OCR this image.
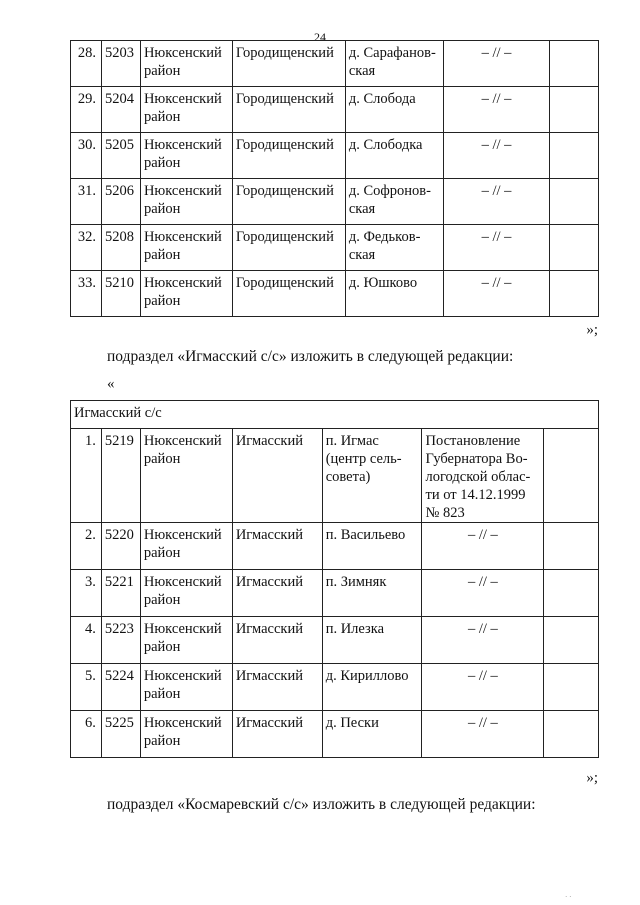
24
28.	5203	Нюксенский район	Городищенский	д. Сарафанов-ская	– // –	
29.	5204	Нюксенский район	Городищенский	д. Слобода	– // –	
30.	5205	Нюксенский район	Городищенский	д. Слободка	– // –	
31.	5206	Нюксенский район	Городищенский	д. Софронов-ская	– // –	
32.	5208	Нюксенский район	Городищенский	д. Федьков-ская	– // –	
33.	5210	Нюксенский район	Городищенский	д. Юшково	– // –	
»;
подраздел «Игмасский с/с» изложить в следующей редакции:
«
Игмасский с/с						
1.	5219	Нюксенский район	Игмасский	п. Игмас (центр сель-совета)	Постановление Губернатора Во-логодской облас-ти от 14.12.1999 № 823	
2.	5220	Нюксенский район	Игмасский	п. Васильево	– // –	
3.	5221	Нюксенский район	Игмасский	п. Зимняк	– // –	
4.	5223	Нюксенский район	Игмасский	п. Илезка	– // –	
5.	5224	Нюксенский район	Игмасский	д. Кириллово	– // –	
6.	5225	Нюксенский район	Игмасский	д. Пески	– // –	
»;
подраздел «Космаревский с/с» изложить в следующей редакции:
· ·
